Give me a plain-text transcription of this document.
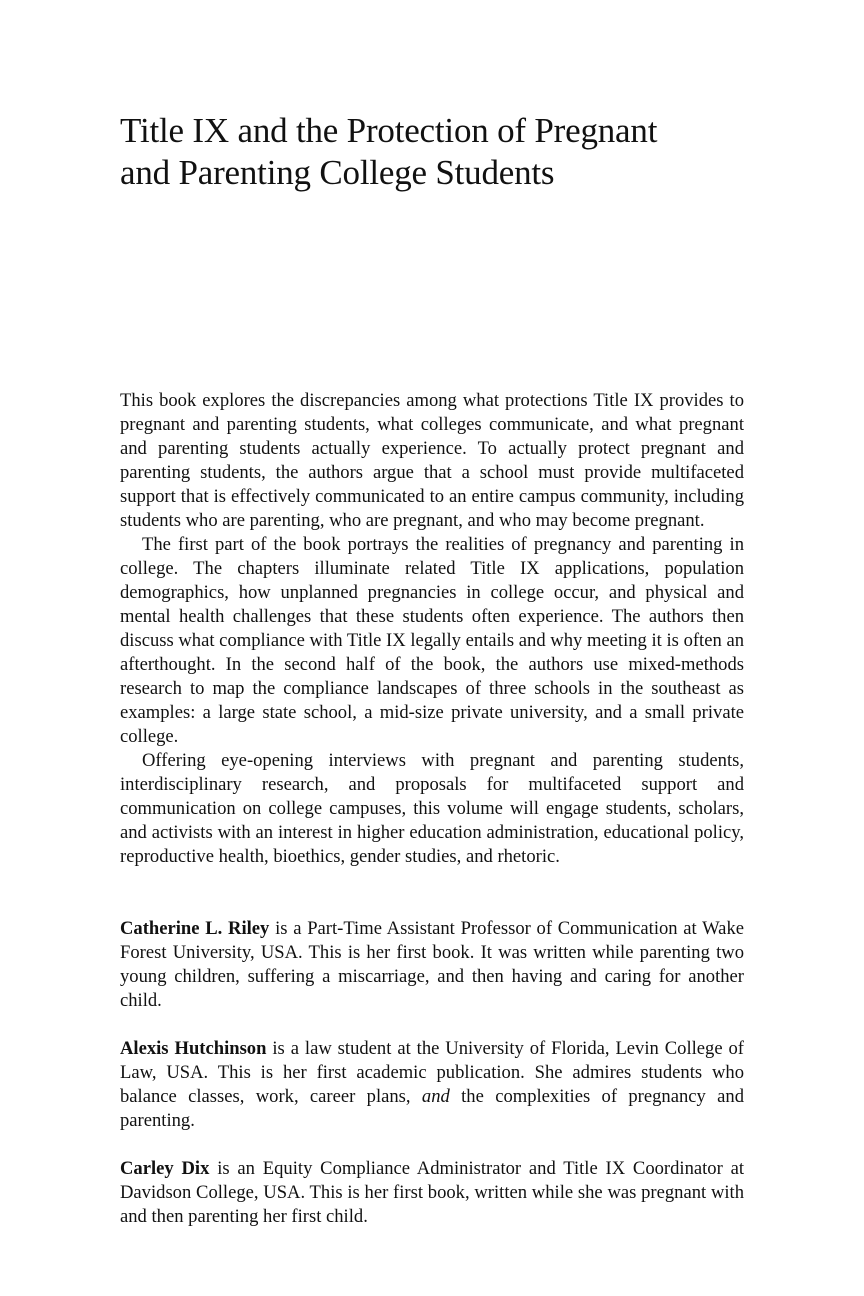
Title IX and the Protection of Pregnant
and Parenting College Students

This book explores the discrepancies among what protections Title IX provides to pregnant and parenting students, what colleges communicate, and what pregnant and parenting students actually experience. To actually protect pregnant and parenting students, the authors argue that a school must provide multifaceted support that is effectively communicated to an entire campus community, including students who are parenting, who are pregnant, and who may become pregnant.

The first part of the book portrays the realities of pregnancy and parenting in college. The chapters illuminate related Title IX applications, population demographics, how unplanned pregnancies in college occur, and physical and mental health challenges that these students often experience. The authors then discuss what compliance with Title IX legally entails and why meeting it is often an afterthought. In the second half of the book, the authors use mixed-methods research to map the compliance landscapes of three schools in the southeast as examples: a large state school, a mid-size private university, and a small private college.

Offering eye-opening interviews with pregnant and parenting students, interdisciplinary research, and proposals for multifaceted support and communication on college campuses, this volume will engage students, scholars, and activists with an interest in higher education administration, educational policy, reproductive health, bioethics, gender studies, and rhetoric.

Catherine L. Riley is a Part-Time Assistant Professor of Communication at Wake Forest University, USA. This is her first book. It was written while parenting two young children, suffering a miscarriage, and then having and caring for another child.

Alexis Hutchinson is a law student at the University of Florida, Levin College of Law, USA. This is her first academic publication. She admires students who balance classes, work, career plans, and the complexities of pregnancy and parenting.

Carley Dix is an Equity Compliance Administrator and Title IX Coordinator at Davidson College, USA. This is her first book, written while she was pregnant with and then parenting her first child.
